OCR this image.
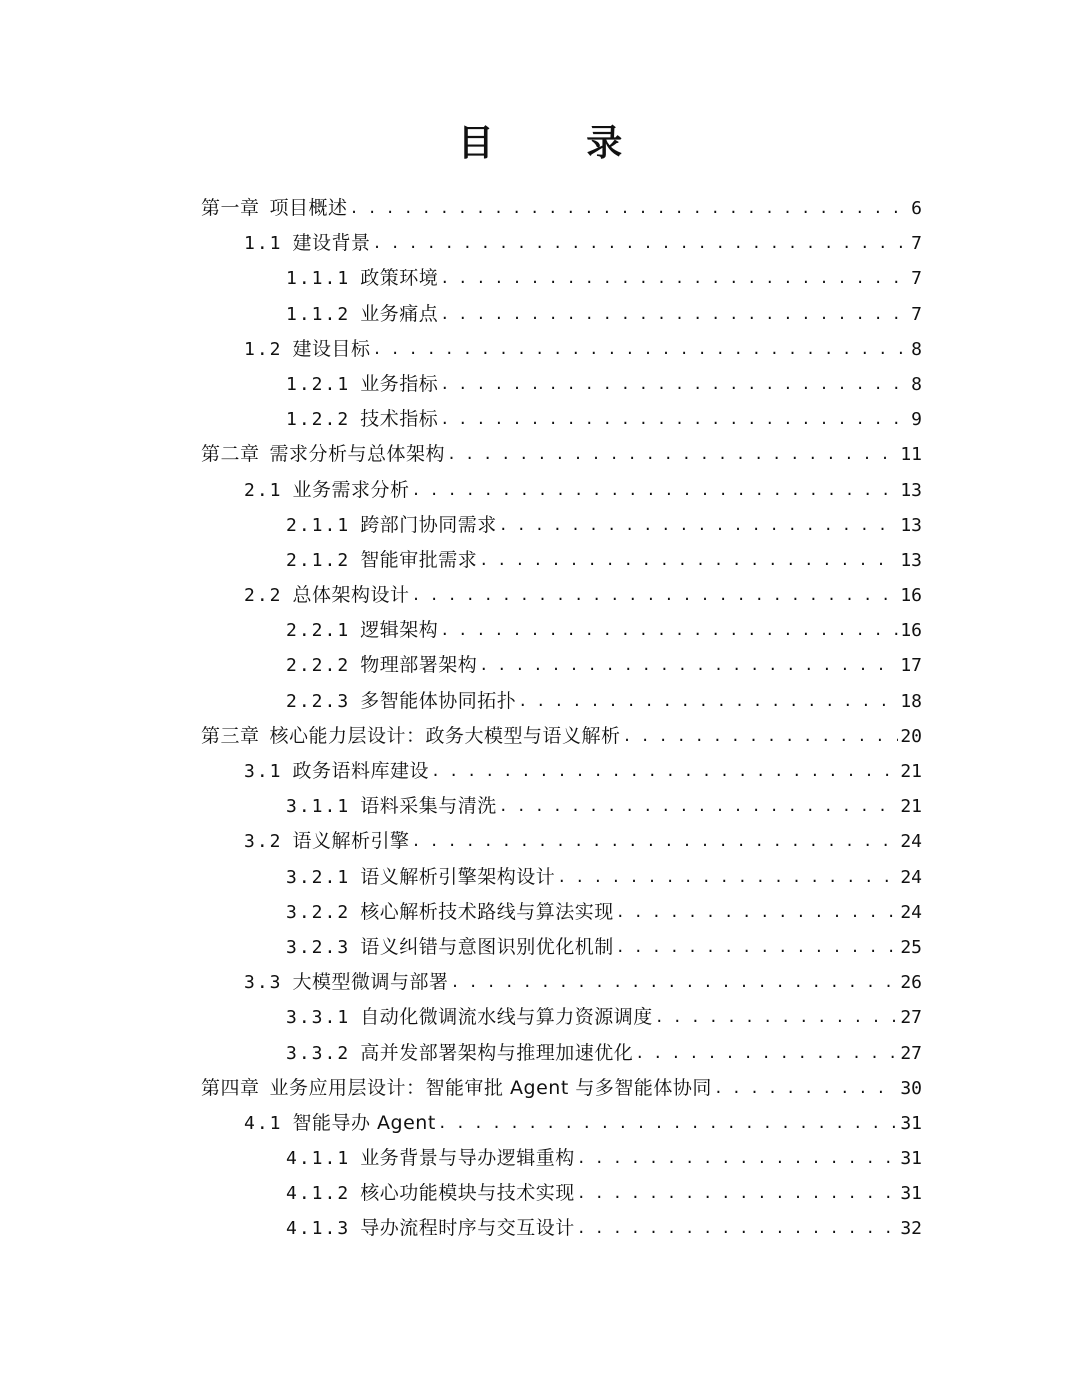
目 录
第一章 项目概述 . . .	6
1.1 建设背景 . . .	7
1.1.1 政策环境 . . .	7
1.1.2 业务痛点 . . .	7
1.2 建设目标 . . .	8
1.2.1 业务指标 . . .	8
1.2.2 技术指标 . . .	9
第二章 需求分析与总体架构 . . .	11
2.1 业务需求分析 . . .	13
2.1.1 跨部门协同需求 . . .	13
2.1.2 智能审批需求 . . .	13
2.2 总体架构设计 . . .	16
2.2.1 逻辑架构 . . .	16
2.2.2 物理部署架构 . . .	17
2.2.3 多智能体协同拓扑 . . .	18
第三章 核心能力层设计：政务大模型与语义解析 . . .	20
3.1 政务语料库建设 . . .	21
3.1.1 语料采集与清洗 . . .	21
3.2 语义解析引擎 . . .	24
3.2.1 语义解析引擎架构设计 . . .	24
3.2.2 核心解析技术路线与算法实现 . . .	24
3.2.3 语义纠错与意图识别优化机制 . . .	25
3.3 大模型微调与部署 . . .	26
3.3.1 自动化微调流水线与算力资源调度 . . .	27
3.3.2 高并发部署架构与推理加速优化 . . .	27
第四章 业务应用层设计：智能审批 Agent 与多智能体协同 . . .	30
4.1 智能导办 Agent . . .	31
4.1.1 业务背景与导办逻辑重构 . . .	31
4.1.2 核心功能模块与技术实现 . . .	31
4.1.3 导办流程时序与交互设计 . . .	32
